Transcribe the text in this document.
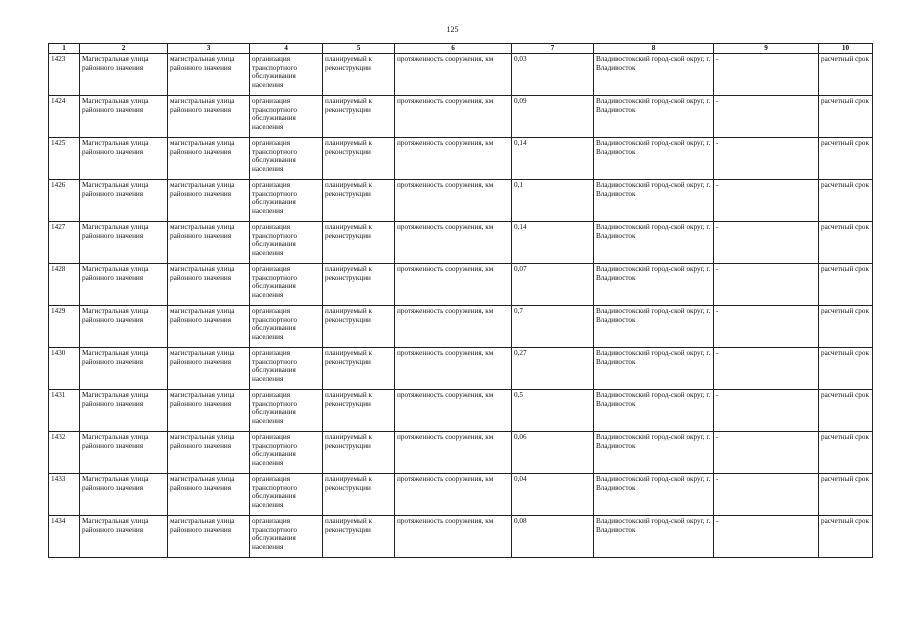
125
1	2	3	4	5	6	7	8	9	10
1423	Магистральная улица районного значения	магистральная улица районного значения	организация транспортного обслуживания населения	планируемый к реконструкции	протяженность сооружения, км	0,03	Владивостокский город-ской округ, г. Владивосток	-	расчетный срок
1424	Магистральная улица районного значения	магистральная улица районного значения	организация транспортного обслуживания населения	планируемый к реконструкции	протяженность сооружения, км	0,09	Владивостокский город-ской округ, г. Владивосток	-	расчетный срок
1425	Магистральная улица районного значения	магистральная улица районного значения	организация транспортного обслуживания населения	планируемый к реконструкции	протяженность сооружения, км	0,14	Владивостокский город-ской округ, г. Владивосток	-	расчетный срок
1426	Магистральная улица районного значения	магистральная улица районного значения	организация транспортного обслуживания населения	планируемый к реконструкции	протяженность сооружения, км	0,1	Владивостокский город-ской округ, г. Владивосток	-	расчетный срок
1427	Магистральная улица районного значения	магистральная улица районного значения	организация транспортного обслуживания населения	планируемый к реконструкции	протяженность сооружения, км	0,14	Владивостокский город-ской округ, г. Владивосток	-	расчетный срок
1428	Магистральная улица районного значения	магистральная улица районного значения	организация транспортного обслуживания населения	планируемый к реконструкции	протяженность сооружения, км	0,07	Владивостокский город-ской округ, г. Владивосток	-	расчетный срок
1429	Магистральная улица районного значения	магистральная улица районного значения	организация транспортного обслуживания населения	планируемый к реконструкции	протяженность сооружения, км	0,7	Владивостокский город-ской округ, г. Владивосток	-	расчетный срок
1430	Магистральная улица районного значения	магистральная улица районного значения	организация транспортного обслуживания населения	планируемый к реконструкции	протяженность сооружения, км	0,27	Владивостокский город-ской округ, г. Владивосток	-	расчетный срок
1431	Магистральная улица районного значения	магистральная улица районного значения	организация транспортного обслуживания населения	планируемый к реконструкции	протяженность сооружения, км	0,5	Владивостокский город-ской округ, г. Владивосток	-	расчетный срок
1432	Магистральная улица районного значения	магистральная улица районного значения	организация транспортного обслуживания населения	планируемый к реконструкции	протяженность сооружения, км	0,06	Владивостокский город-ской округ, г. Владивосток	-	расчетный срок
1433	Магистральная улица районного значения	магистральная улица районного значения	организация транспортного обслуживания населения	планируемый к реконструкции	протяженность сооружения, км	0,04	Владивостокский город-ской округ, г. Владивосток	-	расчетный срок
1434	Магистральная улица районного значения	магистральная улица районного значения	организация транспортного обслуживания населения	планируемый к реконструкции	протяженность сооружения, км	0,08	Владивостокский город-ской округ, г. Владивосток	-	расчетный срок
